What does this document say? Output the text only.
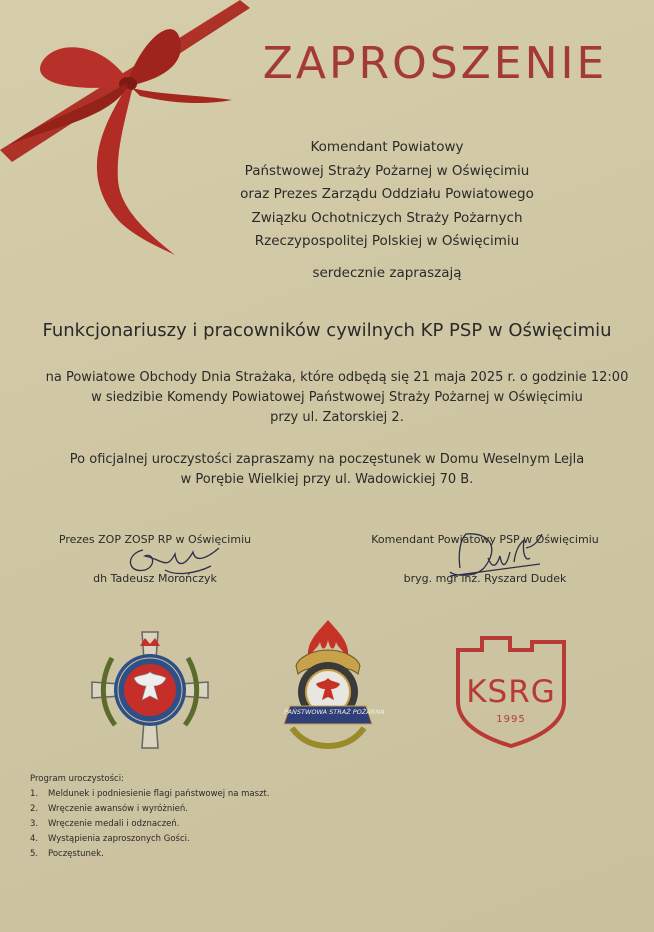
ZAPROSZENIE
Komendant Powiatowy
Państwowej Straży Pożarnej w Oświęcimiu
oraz Prezes Zarządu Oddziału Powiatowego
Związku Ochotniczych Straży Pożarnych
Rzeczypospolitej Polskiej w Oświęcimiu
serdecznie zapraszają
Funkcjonariuszy i pracowników cywilnych KP PSP w Oświęcimiu
na Powiatowe Obchody Dnia Strażaka, które odbędą się 21 maja 2025 r. o godzinie 12:00
w siedzibie Komendy Powiatowej Państwowej Straży Pożarnej w Oświęcimiu
przy ul. Zatorskiej 2.
Po oficjalnej uroczystości zapraszamy na poczęstunek w Domu Weselnym Lejla
w Porębie Wielkiej przy ul. Wadowickiej 70 B.
Prezes ZOP ZOSP RP w Oświęcimiu
dh Tadeusz Morończyk
Komendant Powiatowy PSP w Oświęcimiu
bryg. mgr inż. Ryszard Dudek
PAŃSTWOWA STRAŻ POŻARNA
KSRG
1995
Program uroczystości:
1.	Meldunek i podniesienie flagi państwowej na maszt.
2.	Wręczenie awansów i wyróżnień.
3.	Wręczenie medali i odznaczeń.
4.	Wystąpienia zaproszonych Gości.
5.	Poczęstunek.
